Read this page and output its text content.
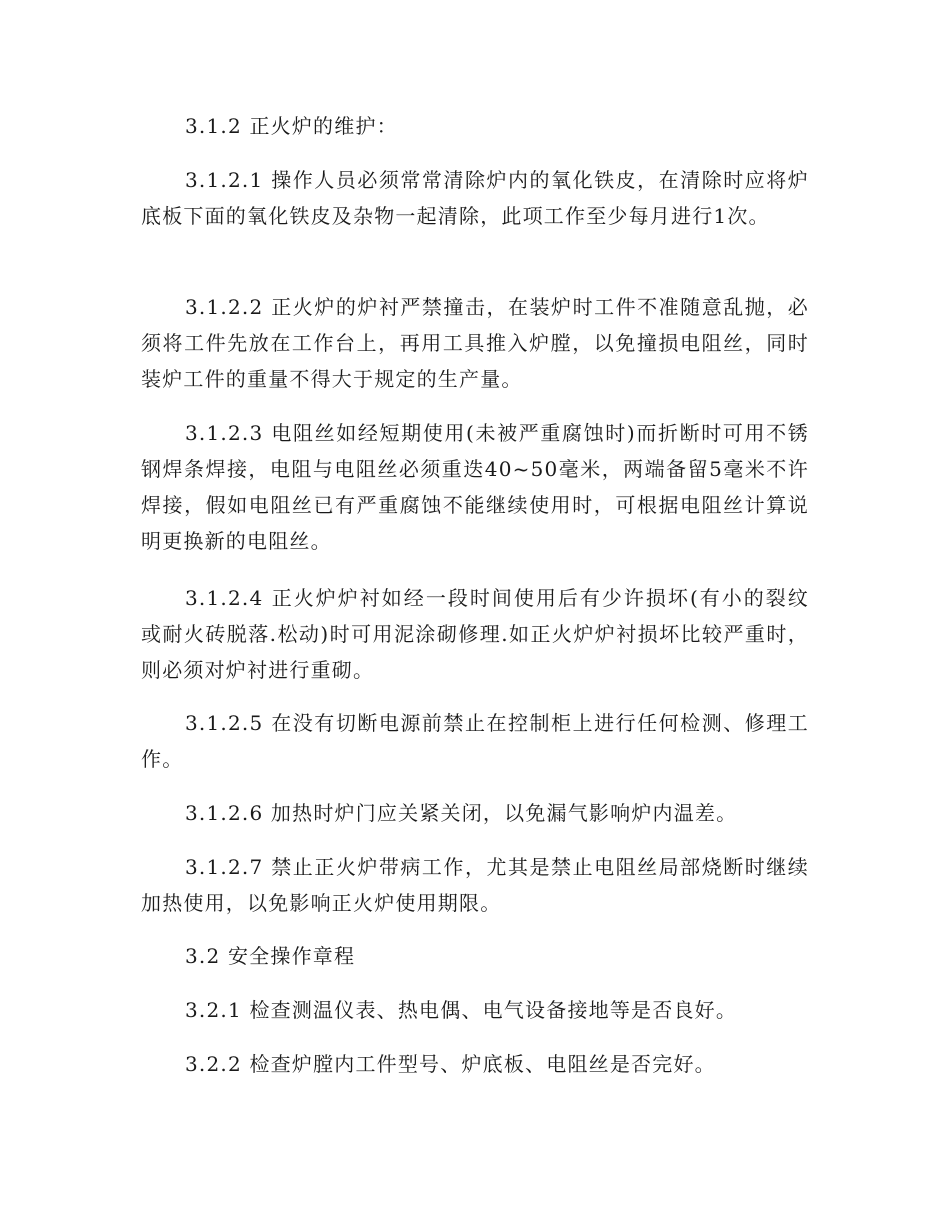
3.1.2 正火炉的维护：

3.1.2.1 操作人员必须常常清除炉内的氧化铁皮，在清除时应将炉底板下面的氧化铁皮及杂物一起清除，此项工作至少每月进行1次。

3.1.2.2 正火炉的炉衬严禁撞击，在装炉时工件不准随意乱抛，必须将工件先放在工作台上，再用工具推入炉膛，以免撞损电阻丝，同时装炉工件的重量不得大于规定的生产量。

3.1.2.3 电阻丝如经短期使用(未被严重腐蚀时)而折断时可用不锈钢焊条焊接，电阻与电阻丝必须重迭40~50毫米，两端备留5毫米不许焊接，假如电阻丝已有严重腐蚀不能继续使用时，可根据电阻丝计算说明更换新的电阻丝。

3.1.2.4 正火炉炉衬如经一段时间使用后有少许损坏(有小的裂纹或耐火砖脱落.松动)时可用泥涂砌修理.如正火炉炉衬损坏比较严重时，则必须对炉衬进行重砌。

3.1.2.5 在没有切断电源前禁止在控制柜上进行任何检测、修理工作。

3.1.2.6 加热时炉门应关紧关闭，以免漏气影响炉内温差。

3.1.2.7 禁止正火炉带病工作，尤其是禁止电阻丝局部烧断时继续加热使用，以免影响正火炉使用期限。

3.2 安全操作章程

3.2.1 检查测温仪表、热电偶、电气设备接地等是否良好。

3.2.2 检查炉膛内工件型号、炉底板、电阻丝是否完好。
